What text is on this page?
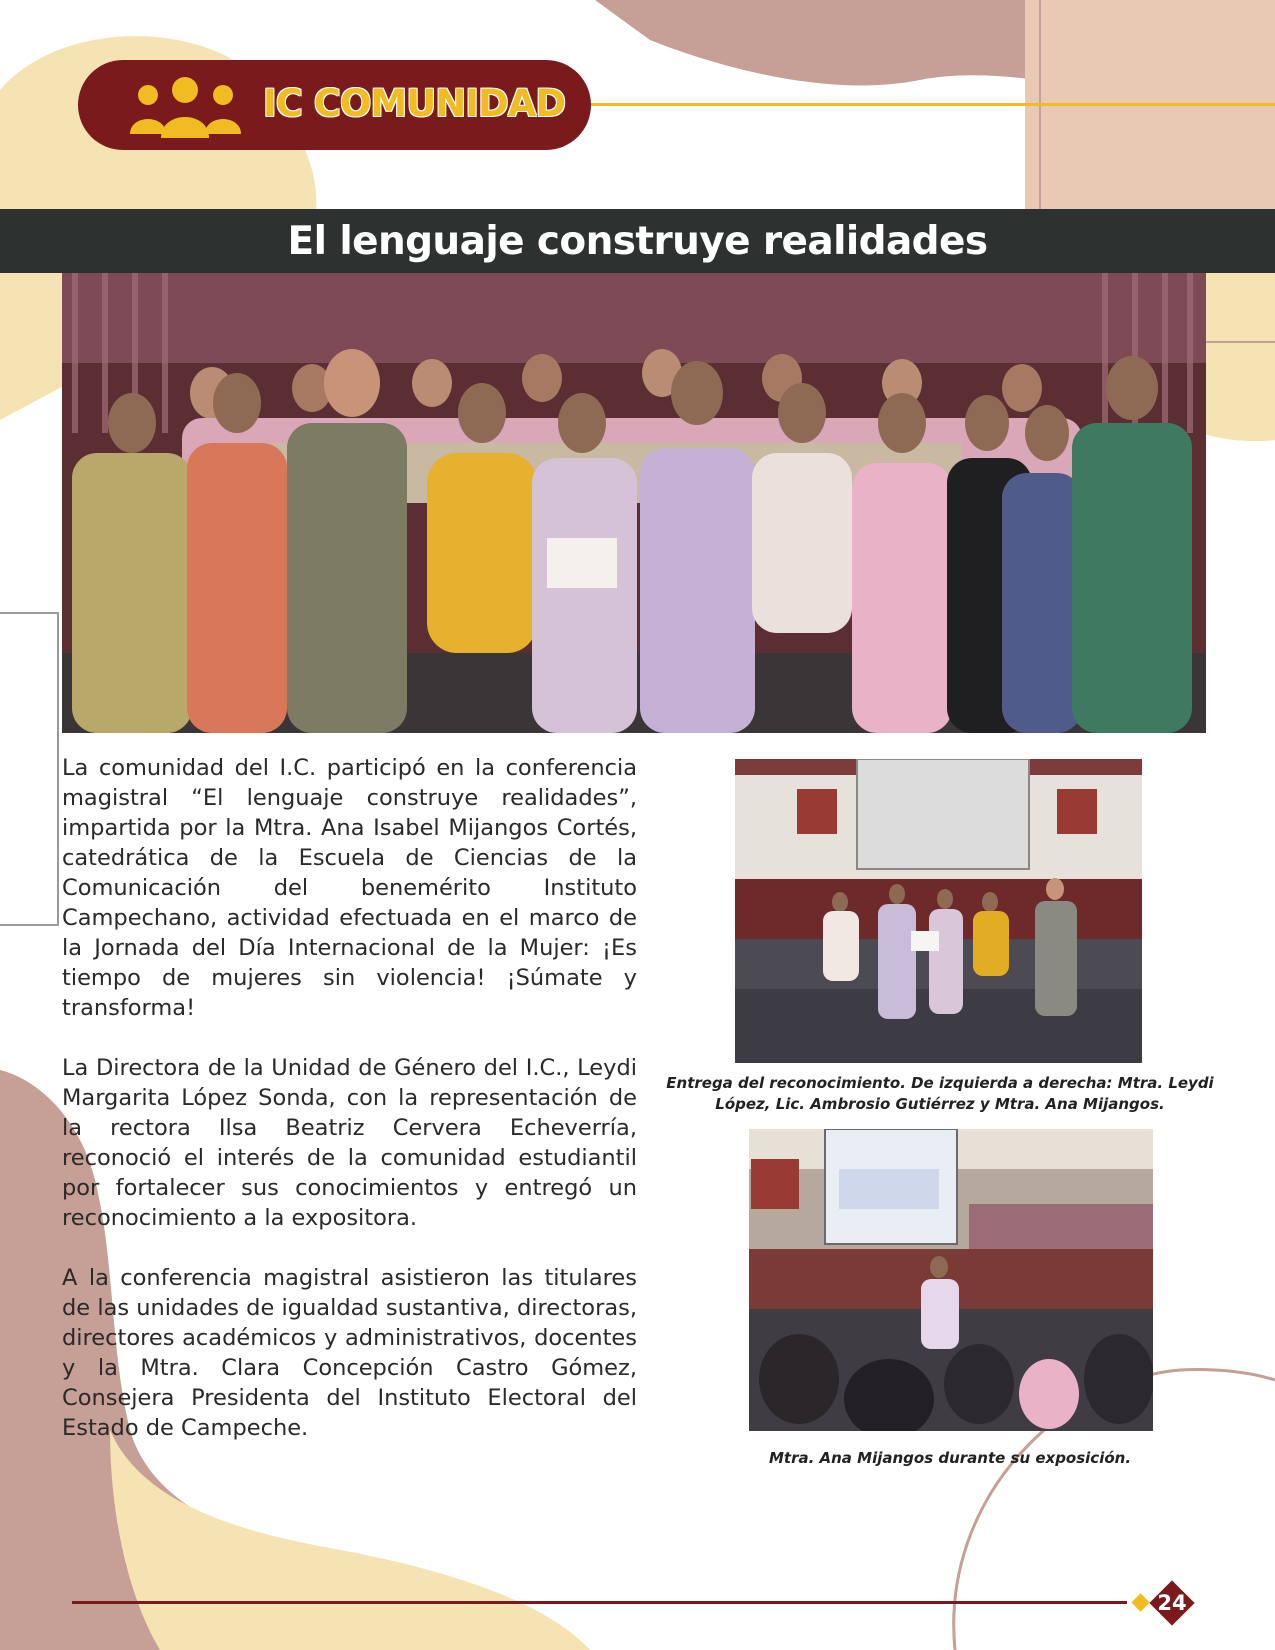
IC COMUNIDAD
El lenguaje construye realidades

La comunidad del I.C. participó en la conferencia magistral “El lenguaje construye realidades”, impartida por la Mtra. Ana Isabel Mijangos Cortés, catedrática de la Escuela de Ciencias de la Comunicación del benemérito Instituto Campechano, actividad efectuada en el marco de la Jornada del Día Internacional de la Mujer: ¡Es tiempo de mujeres sin violencia! ¡Súmate y transforma!

La Directora de la Unidad de Género del I.C., Leydi Margarita López Sonda, con la representación de la rectora Ilsa Beatriz Cervera Echeverría, reconoció el interés de la comunidad estudiantil por fortalecer sus conocimientos y entregó un reconocimiento a la expositora.

A la conferencia magistral asistieron las titulares de las unidades de igualdad sustantiva, directoras, directores académicos y administrativos, docentes y la Mtra. Clara Concepción Castro Gómez, Consejera Presidenta del Instituto Electoral del Estado de Campeche.

Entrega del reconocimiento. De izquierda a derecha: Mtra. Leydi López, Lic. Ambrosio Gutiérrez y Mtra. Ana Mijangos.
Mtra. Ana Mijangos durante su exposición.
24
